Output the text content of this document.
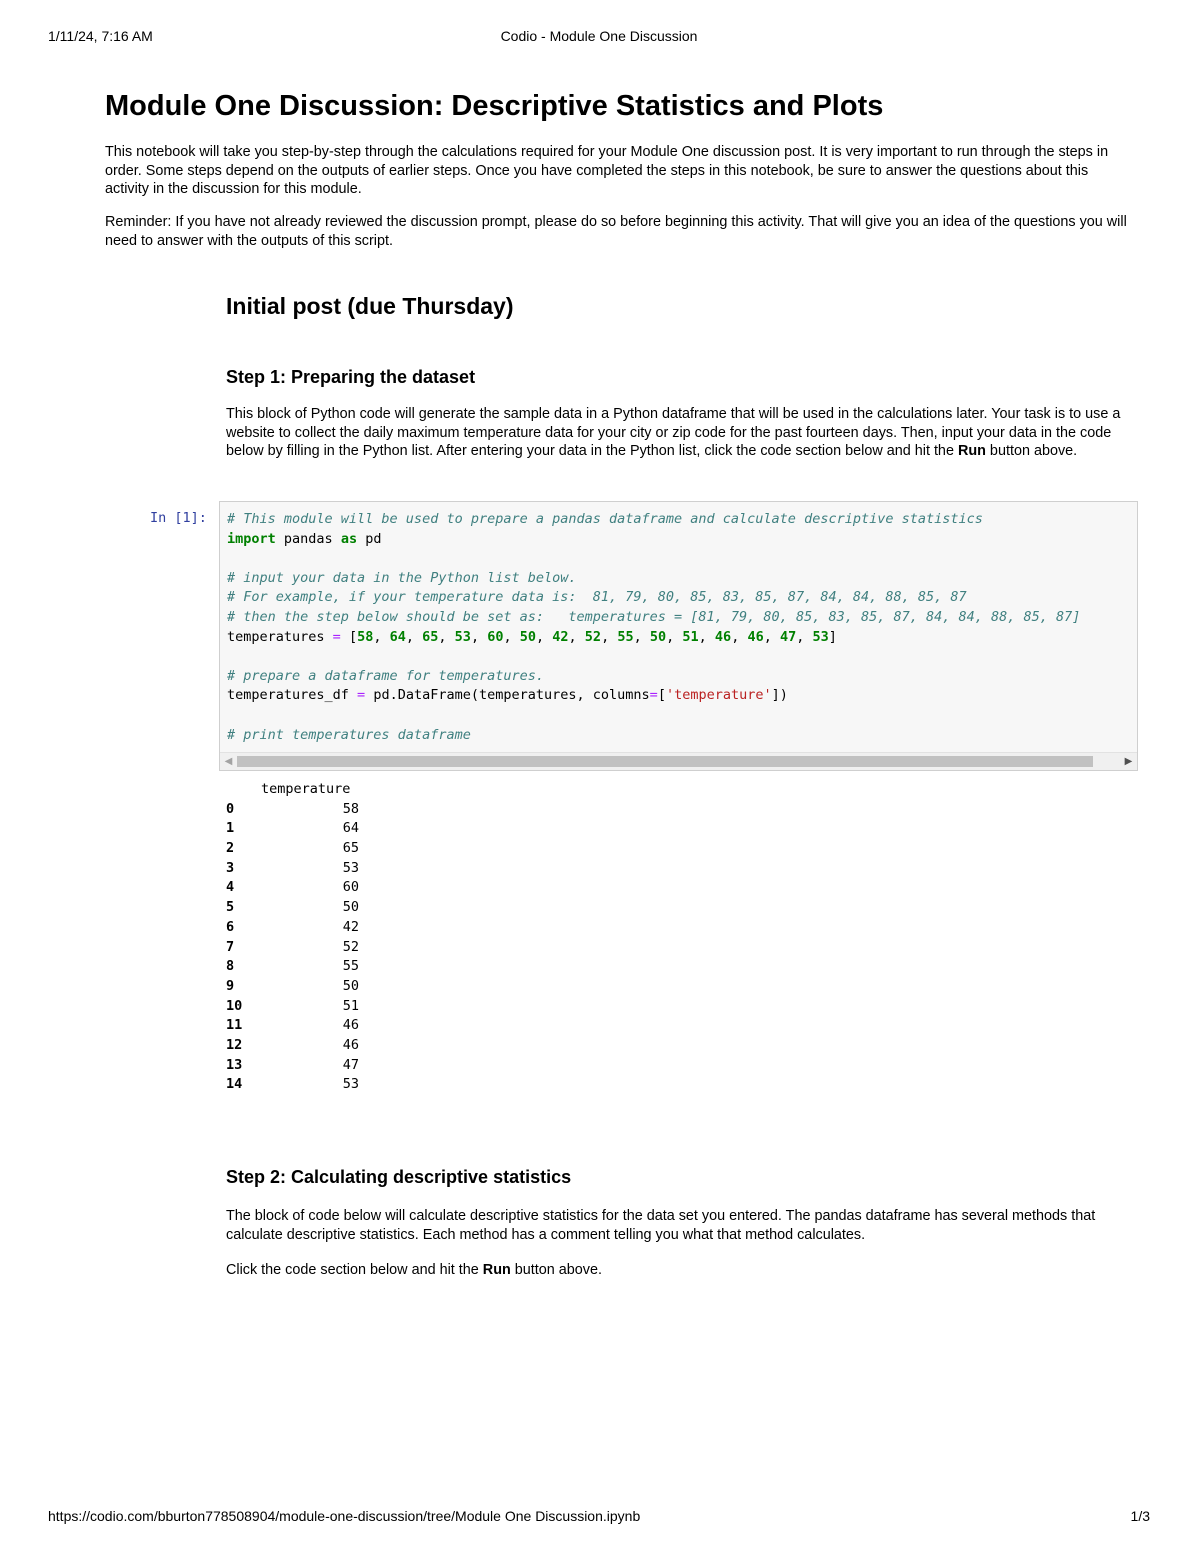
1/11/24, 7:16 AM	Codio - Module One Discussion
Module One Discussion: Descriptive Statistics and Plots

This notebook will take you step-by-step through the calculations required for your Module One discussion post. It is very important to run through the steps in order. Some steps depend on the outputs of earlier steps. Once you have completed the steps in this notebook, be sure to answer the questions about this activity in the discussion for this module.

Reminder: If you have not already reviewed the discussion prompt, please do so before beginning this activity. That will give you an idea of the questions you will need to answer with the outputs of this script.

Initial post (due Thursday)
Step 1: Preparing the dataset

This block of Python code will generate the sample data in a Python dataframe that will be used in the calculations later. Your task is to use a website to collect the daily maximum temperature data for your city or zip code for the past fourteen days. Then, input your data in the code below by filling in the Python list. After entering your data in the Python list, click the code section below and hit the Run button above.

In [1]: # This module will be used to prepare a pandas dataframe and calculate descriptive statistics
import pandas as pd

# input your data in the Python list below.
# For example, if your temperature data is:  81, 79, 80, 85, 83, 85, 87, 84, 84, 88, 85, 87
# then the step below should be set as:   temperatures = [81, 79, 80, 85, 83, 85, 87, 84, 84, 88, 85, 87]
temperatures = [58, 64, 65, 53, 60, 50, 42, 52, 55, 50, 51, 46, 46, 47, 53]

# prepare a dataframe for temperatures.
temperatures_df = pd.DataFrame(temperatures, columns=['temperature'])

# print temperatures dataframe

◀	▶
temperature
0	58
1	64
2	65
3	53
4	60
5	50
6	42
7	52
8	55
9	50
10	51
11	46
12	46
13	47
14	53
Step 2: Calculating descriptive statistics

The block of code below will calculate descriptive statistics for the data set you entered. The pandas dataframe has several methods that calculate descriptive statistics. Each method has a comment telling you what that method calculates.

Click the code section below and hit the Run button above.

https://codio.com/bburton778508904/module-one-discussion/tree/Module One Discussion.ipynb	1/3
